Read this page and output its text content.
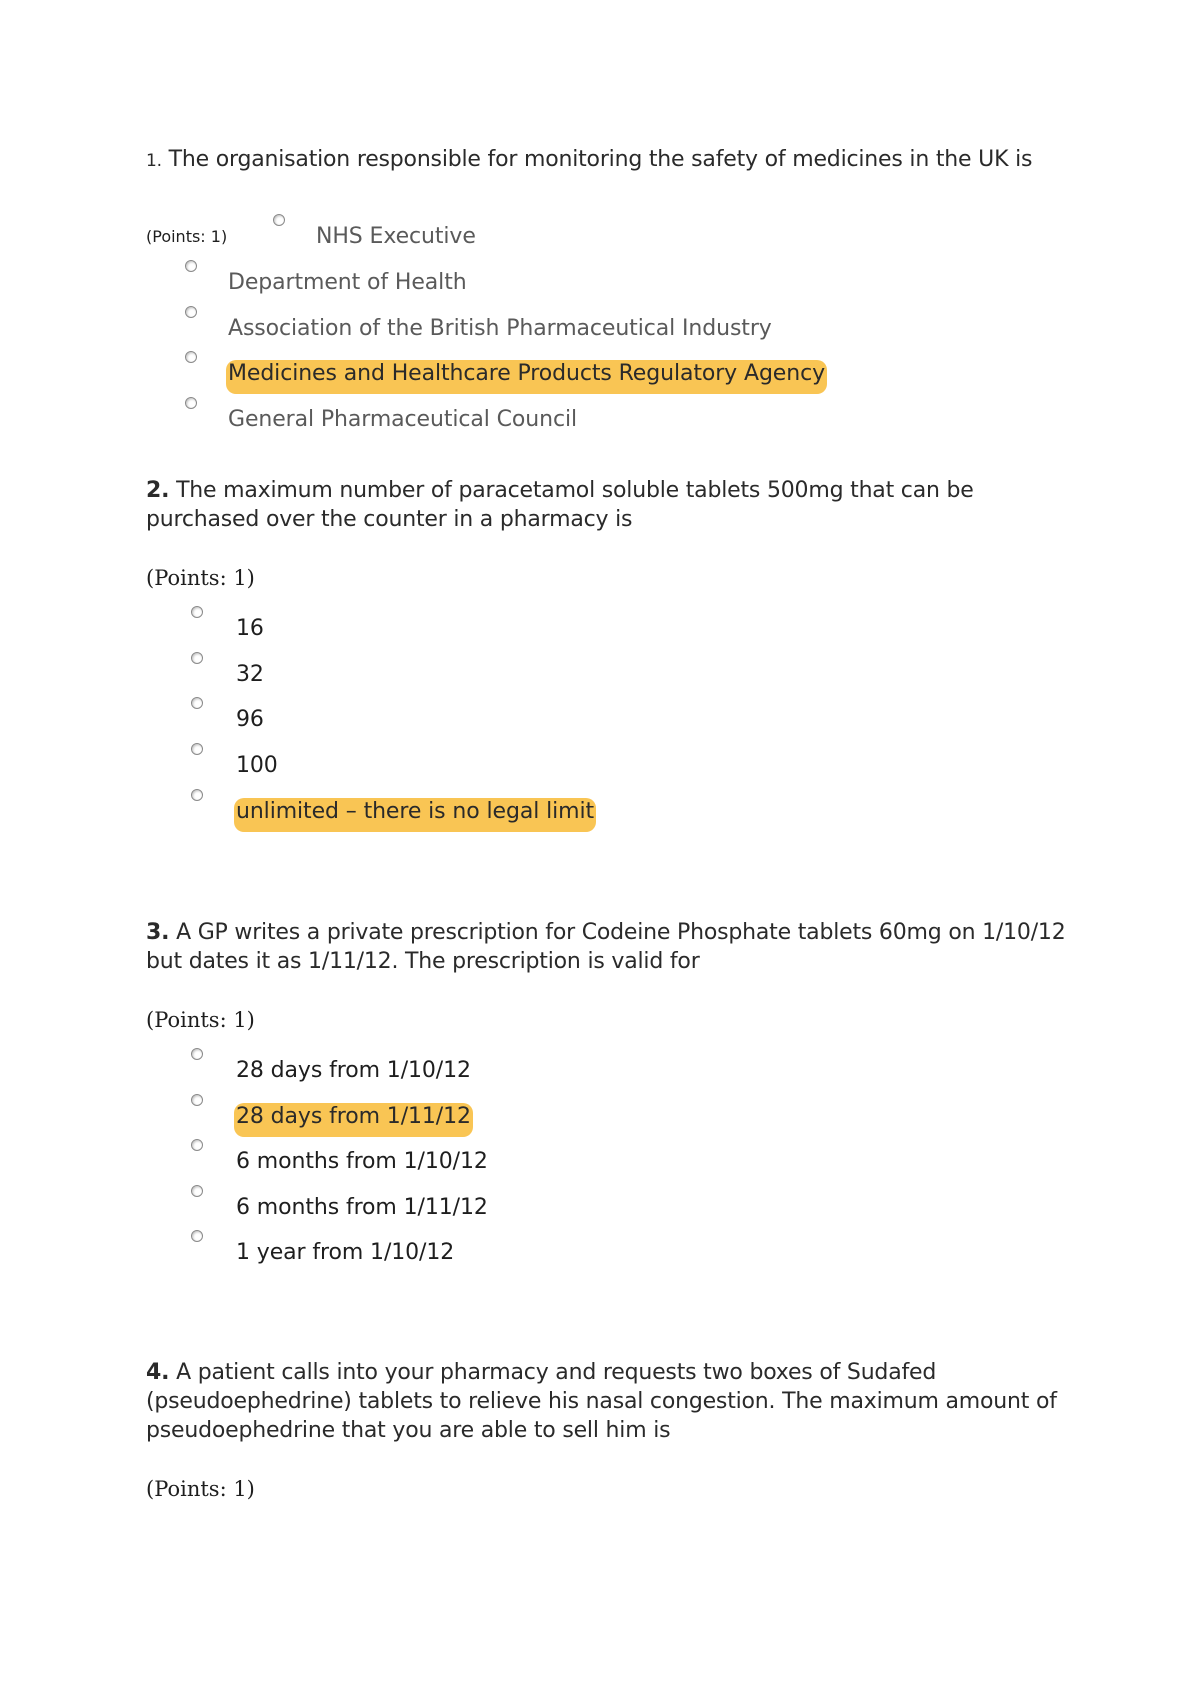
1. The organisation responsible for monitoring the safety of medicines in the UK is
(Points: 1)	NHS Executive
Department of Health
Association of the British Pharmaceutical Industry
Medicines and Healthcare Products Regulatory Agency
General Pharmaceutical Council
2. The maximum number of paracetamol soluble tablets 500mg that can be purchased over the counter in a pharmacy is
(Points: 1)
16
32
96
100
unlimited – there is no legal limit
3. A GP writes a private prescription for Codeine Phosphate tablets 60mg on 1/10/12 but dates it as 1/11/12. The prescription is valid for
(Points: 1)
28 days from 1/10/12
28 days from 1/11/12
6 months from 1/10/12
6 months from 1/11/12
1 year from 1/10/12
4. A patient calls into your pharmacy and requests two boxes of Sudafed (pseudoephedrine) tablets to relieve his nasal congestion. The maximum amount of pseudoephedrine that you are able to sell him is
(Points: 1)
